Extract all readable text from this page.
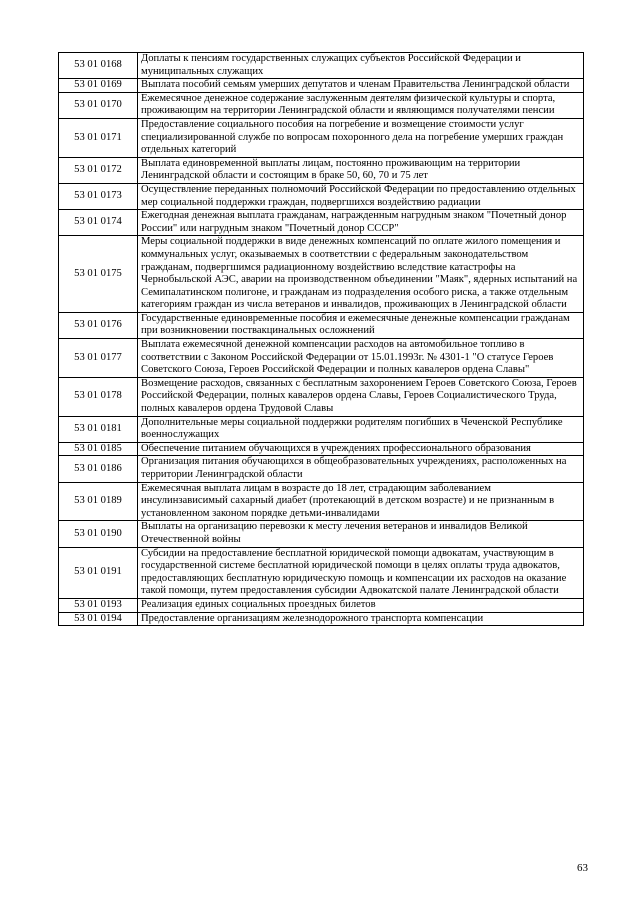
53 01 0168	Доплаты к пенсиям государственных служащих субъектов Российской Федерации и муниципальных служащих
53 01 0169	Выплата пособий семьям умерших депутатов и членам Правительства Ленинградской области
53 01 0170	Ежемесячное денежное содержание заслуженным деятелям физической культуры и спорта, проживающим на территории Ленинградской области и являющимся получателями пенсии
53 01 0171	Предоставление социального пособия на погребение и возмещение стоимости услуг специализированной службе по вопросам похоронного дела на погребение умерших граждан отдельных категорий
53 01 0172	Выплата единовременной выплаты лицам, постоянно проживающим на территории Ленинградской области и состоящим в браке 50, 60, 70 и 75 лет
53 01 0173	Осуществление переданных полномочий Российской Федерации по предоставлению отдельных мер социальной поддержки граждан, подвергшихся воздействию радиации
53 01 0174	Ежегодная денежная выплата гражданам, награжденным нагрудным знаком "Почетный донор России" или нагрудным знаком "Почетный донор СССР"
53 01 0175	Меры социальной поддержки в виде денежных компенсаций по оплате жилого помещения и коммунальных услуг, оказываемых в соответствии с федеральным законодательством гражданам, подвергшимся радиационному воздействию вследствие катастрофы на Чернобыльской АЭС, аварии на производственном объединении "Маяк", ядерных испытаний на Семипалатинском полигоне, и гражданам из подразделения особого риска, а также отдельным категориям граждан из числа ветеранов и инвалидов, проживающих в Ленинградской области
53 01 0176	Государственные единовременные пособия и ежемесячные денежные компенсации гражданам при возникновении поствакцинальных осложнений
53 01 0177	Выплата ежемесячной денежной компенсации расходов на автомобильное топливо в соответствии с Законом Российской Федерации от 15.01.1993г. № 4301-1 "О статусе Героев Советского Союза, Героев Российской Федерации и полных кавалеров ордена Славы"
53 01 0178	Возмещение расходов, связанных с бесплатным захоронением Героев Советского Союза, Героев Российской Федерации, полных кавалеров ордена Славы, Героев Социалистического Труда, полных кавалеров ордена Трудовой Славы
53 01 0181	Дополнительные меры социальной поддержки родителям погибших в Чеченской Республике военнослужащих
53 01 0185	Обеспечение питанием обучающихся в учреждениях профессионального образования
53 01 0186	Организация питания обучающихся в общеобразовательных учреждениях, расположенных на территории Ленинградской области
53 01 0189	Ежемесячная выплата лицам в возрасте до 18 лет, страдающим заболеванием инсулинзависимый сахарный диабет (протекающий в детском возрасте) и не признанным в установленном законом порядке детьми-инвалидами
53 01 0190	Выплаты на организацию перевозки к месту лечения ветеранов и инвалидов Великой Отечественной войны
53 01 0191	Субсидии на предоставление бесплатной юридической помощи адвокатам, участвующим в государственной системе бесплатной юридической помощи в целях оплаты труда адвокатов, предоставляющих бесплатную юридическую помощь и компенсации их расходов на оказание такой помощи, путем предоставления субсидии Адвокатской палате Ленинградской области
53 01 0193	Реализация единых социальных проездных билетов
53 01 0194	Предоставление организациям железнодорожного транспорта компенсации
63
